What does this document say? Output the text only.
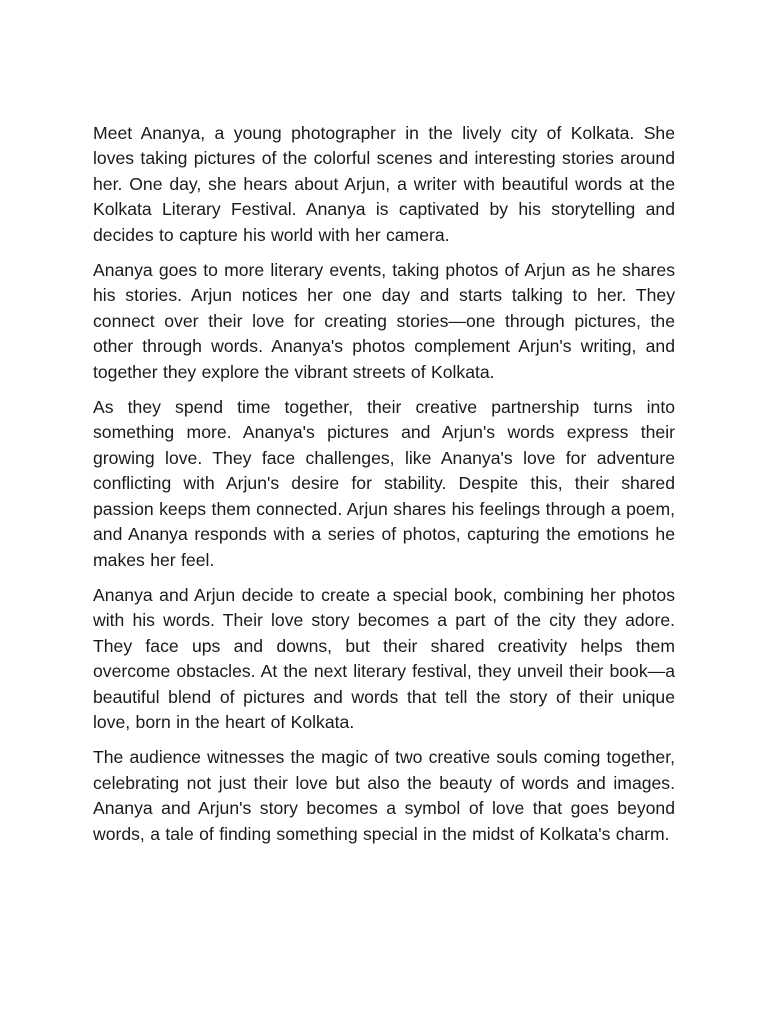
Meet Ananya, a young photographer in the lively city of Kolkata. She loves taking pictures of the colorful scenes and interesting stories around her. One day, she hears about Arjun, a writer with beautiful words at the Kolkata Literary Festival. Ananya is captivated by his storytelling and decides to capture his world with her camera.

Ananya goes to more literary events, taking photos of Arjun as he shares his stories. Arjun notices her one day and starts talking to her. They connect over their love for creating stories—one through pictures, the other through words. Ananya's photos complement Arjun's writing, and together they explore the vibrant streets of Kolkata.

As they spend time together, their creative partnership turns into something more. Ananya's pictures and Arjun's words express their growing love. They face challenges, like Ananya's love for adventure conflicting with Arjun's desire for stability. Despite this, their shared passion keeps them connected. Arjun shares his feelings through a poem, and Ananya responds with a series of photos, capturing the emotions he makes her feel.

Ananya and Arjun decide to create a special book, combining her photos with his words. Their love story becomes a part of the city they adore. They face ups and downs, but their shared creativity helps them overcome obstacles. At the next literary festival, they unveil their book—a beautiful blend of pictures and words that tell the story of their unique love, born in the heart of Kolkata.

The audience witnesses the magic of two creative souls coming together, celebrating not just their love but also the beauty of words and images. Ananya and Arjun's story becomes a symbol of love that goes beyond words, a tale of finding something special in the midst of Kolkata's charm.
